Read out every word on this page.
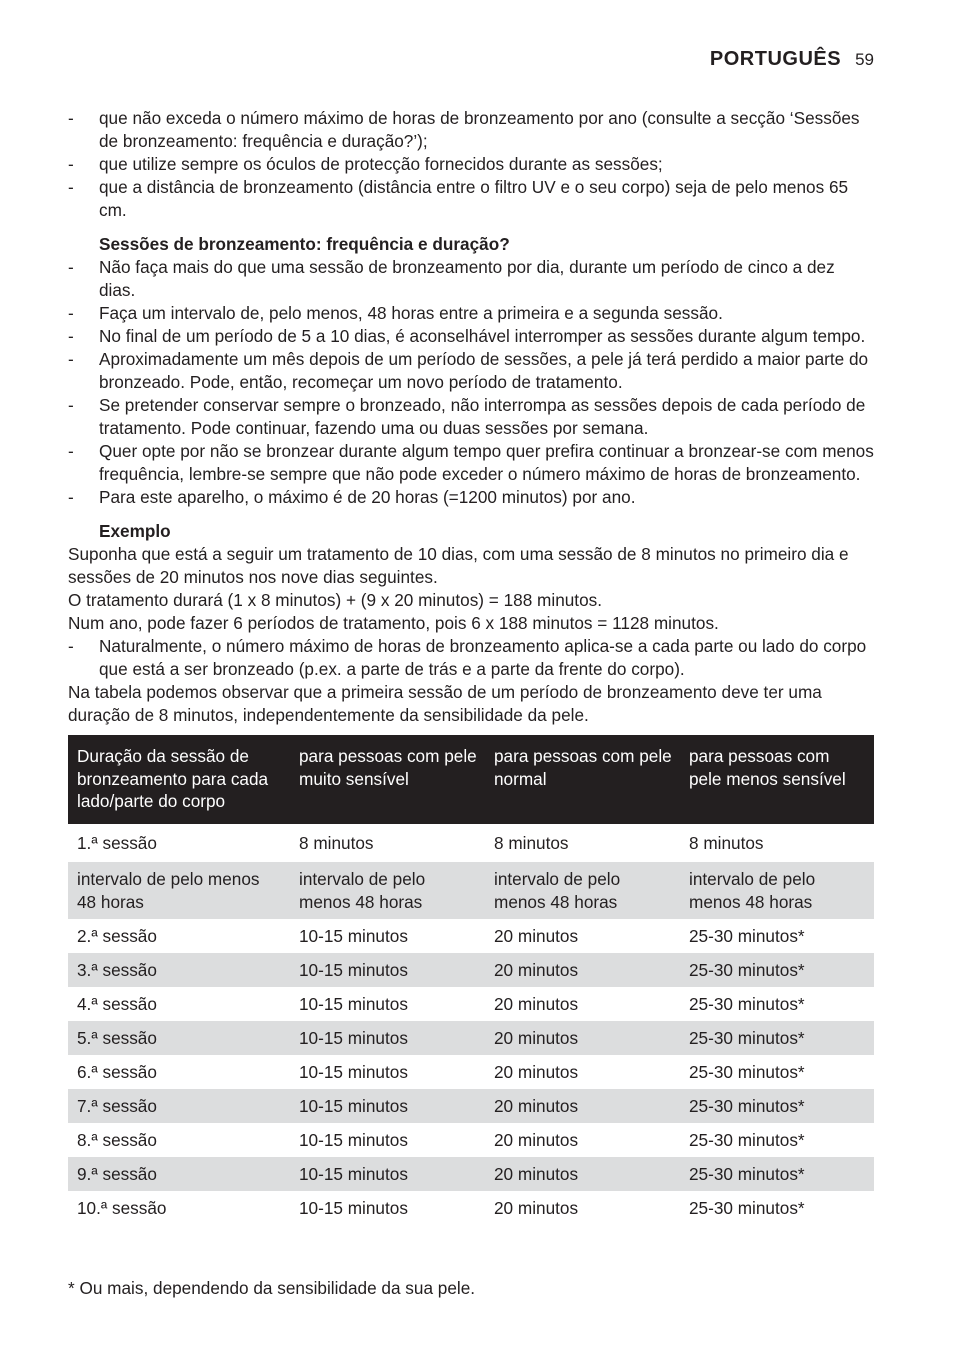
PORTUGUÊS 59
- que não exceda o número máximo de horas de bronzeamento por ano (consulte a secção ‘Sessões de bronzeamento: frequência e duração?’);
- que utilize sempre os óculos de protecção fornecidos durante as sessões;
- que a distância de bronzeamento (distância entre o filtro UV e o seu corpo) seja de pelo menos 65 cm.
Sessões de bronzeamento: frequência e duração?
- Não faça mais do que uma sessão de bronzeamento por dia, durante um período de cinco a dez dias.
- Faça um intervalo de, pelo menos, 48 horas entre a primeira e a segunda sessão.
- No final de um período de 5 a 10 dias, é aconselhável interromper as sessões durante algum tempo.
- Aproximadamente um mês depois de um período de sessões, a pele já terá perdido a maior parte do bronzeado. Pode, então, recomeçar um novo período de tratamento.
- Se pretender conservar sempre o bronzeado, não interrompa as sessões depois de cada período de tratamento. Pode continuar, fazendo uma ou duas sessões por semana.
- Quer opte por não se bronzear durante algum tempo quer prefira continuar a bronzear-se com menos frequência, lembre-se sempre que não pode exceder o número máximo de horas de bronzeamento.
- Para este aparelho, o máximo é de 20 horas (=1200 minutos) por ano.
Exemplo

Suponha que está a seguir um tratamento de 10 dias, com uma sessão de 8 minutos no primeiro dia e sessões de 20 minutos nos nove dias seguintes.

O tratamento durará (1 x 8 minutos) + (9 x 20 minutos) = 188 minutos.

Num ano, pode fazer 6 períodos de tratamento, pois 6 x 188 minutos = 1128 minutos.

- Naturalmente, o número máximo de horas de bronzeamento aplica-se a cada parte ou lado do corpo que está a ser bronzeado (p.ex. a parte de trás e a parte da frente do corpo).

Na tabela podemos observar que a primeira sessão de um período de bronzeamento deve ter uma duração de 8 minutos, independentemente da sensibilidade da pele.

Duração da sessão de bronzeamento para cada lado/parte do corpo	para pessoas com pele muito sensível	para pessoas com pele normal	para pessoas com pele menos sensível
1.ª sessão	8 minutos	8 minutos	8 minutos
intervalo de pelo menos 48 horas	intervalo de pelo menos 48 horas	intervalo de pelo menos 48 horas	intervalo de pelo menos 48 horas
2.ª sessão	10-15 minutos	20 minutos	25-30 minutos*
3.ª sessão	10-15 minutos	20 minutos	25-30 minutos*
4.ª sessão	10-15 minutos	20 minutos	25-30 minutos*
5.ª sessão	10-15 minutos	20 minutos	25-30 minutos*
6.ª sessão	10-15 minutos	20 minutos	25-30 minutos*
7.ª sessão	10-15 minutos	20 minutos	25-30 minutos*
8.ª sessão	10-15 minutos	20 minutos	25-30 minutos*
9.ª sessão	10-15 minutos	20 minutos	25-30 minutos*
10.ª sessão	10-15 minutos	20 minutos	25-30 minutos*
* Ou mais, dependendo da sensibilidade da sua pele.
